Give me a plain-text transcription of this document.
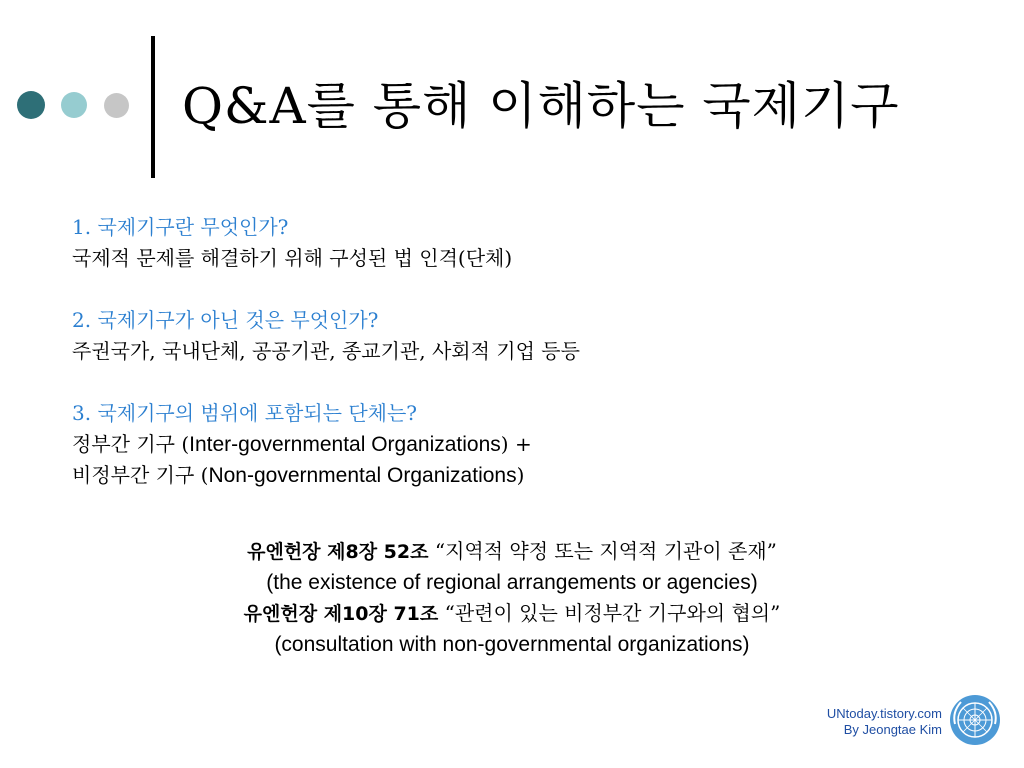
Q&A를 통해 이해하는 국제기구

1. 국제기구란 무엇인가?

국제적 문제를 해결하기 위해 구성된 법 인격(단체)

2. 국제기구가 아닌 것은 무엇인가?

주권국가, 국내단체, 공공기관, 종교기관, 사회적 기업 등등

3. 국제기구의 범위에 포함되는 단체는?

정부간 기구 (Inter-governmental Organizations) +

비정부간 기구 (Non-governmental Organizations)

유엔헌장 제8장 52조 “지역적 약정 또는 지역적 기관이 존재”

(the existence of regional arrangements or agencies)

유엔헌장 제10장 71조 “관련이 있는 비정부간 기구와의 협의”

(consultation with non-governmental organizations)

UNtoday.tistory.com
By Jeongtae Kim
